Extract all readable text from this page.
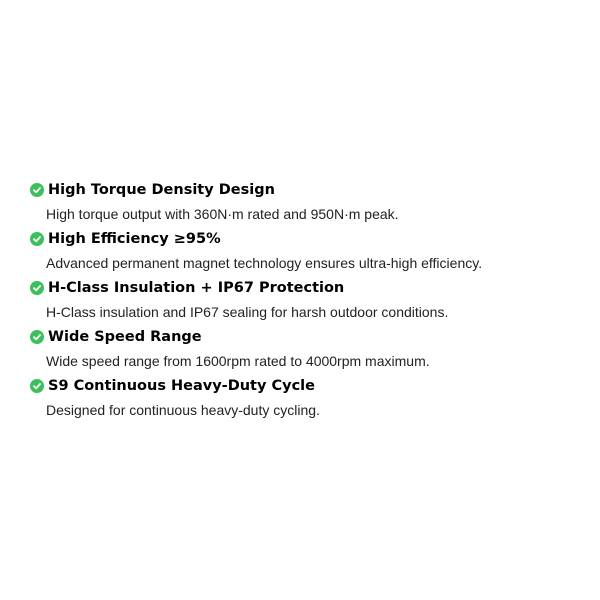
High Torque Density Design
High torque output with 360N·m rated and 950N·m peak.
High Efficiency ≥95%
Advanced permanent magnet technology ensures ultra-high efficiency.
H-Class Insulation + IP67 Protection
H-Class insulation and IP67 sealing for harsh outdoor conditions.
Wide Speed Range
Wide speed range from 1600rpm rated to 4000rpm maximum.
S9 Continuous Heavy-Duty Cycle
Designed for continuous heavy-duty cycling.
